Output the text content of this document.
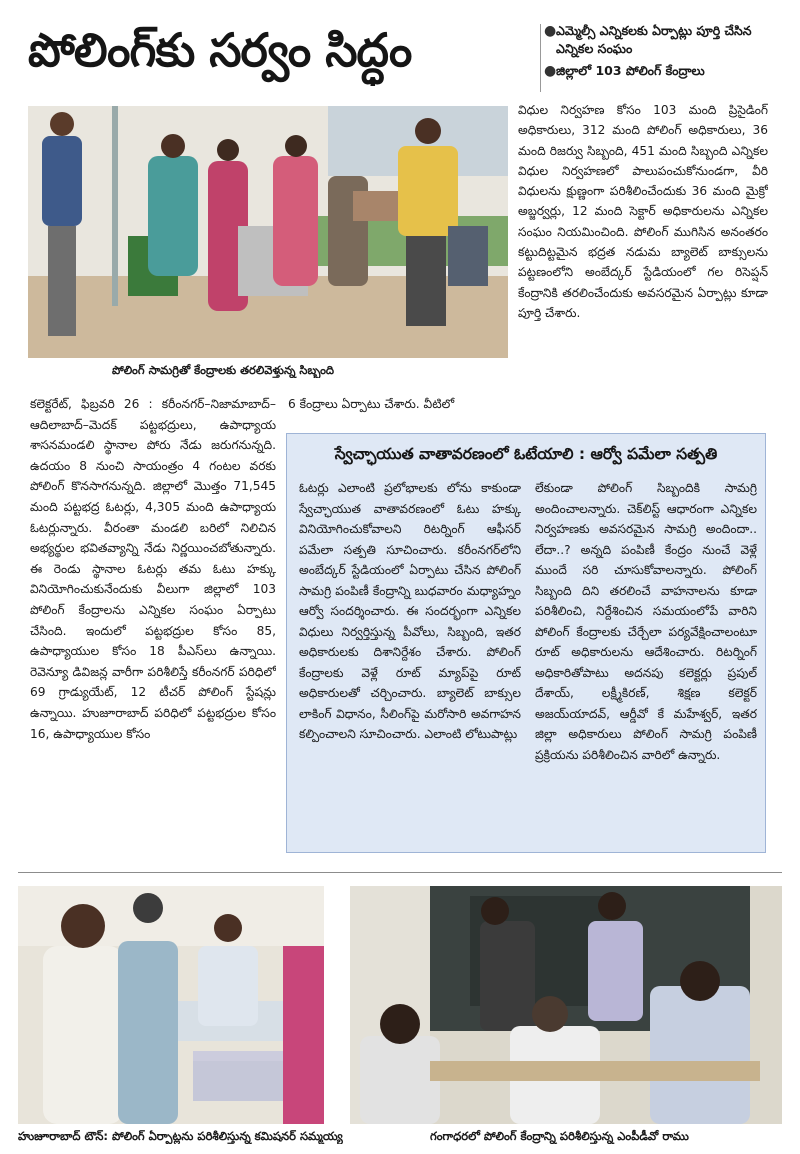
పోలింగ్‌కు సర్వం సిద్ధం	● ఎమ్మెల్సీ ఎన్నికలకు ఏర్పాట్లు పూర్తి చేసిన ఎన్నికల సంఘం
● జిల్లాలో 103 పోలింగ్ కేంద్రాలు
పోలింగ్ సామగ్రితో కేంద్రాలకు తరలివెళ్తున్న సిబ్బంది
విధుల నిర్వహణ కోసం 103 మంది ప్రిసైడింగ్ అధికారులు, 312 మంది పోలింగ్ అధికారులు, 36 మంది రిజర్వు సిబ్బంది, 451 మంది సిబ్బంది ఎన్నికల విధుల నిర్వహణలో పాలుపంచుకోనుండగా, వీరి విధులను క్షుణ్ణంగా పరిశీలించేందుకు 36 మంది మైక్రో అబ్జర్వర్లు, 12 మంది సెక్టార్ అధికారులను ఎన్నికల సంఘం నియమించింది. పోలింగ్ ముగిసిన అనంతరం కట్టుదిట్టమైన భద్రత నడుమ బ్యాలెట్ బాక్సులను పట్టణంలోని అంబేద్కర్ స్టేడియంలో గల రిసెప్షన్ కేంద్రానికి తరలించేందుకు అవసరమైన ఏర్పాట్లు కూడా పూర్తి చేశారు.
కలెక్టరేట్, ఫిబ్రవరి 26 : కరీంనగర్–నిజామాబాద్–ఆదిలాబాద్–మెదక్ పట్టభద్రులు, ఉపాధ్యాయ శాసనమండలి స్థానాల పోరు నేడు జరుగనున్నది. ఉదయం 8 నుంచి సాయంత్రం 4 గంటల వరకు పోలింగ్ కొనసాగనున్నది. జిల్లాలో మొత్తం 71,545 మంది పట్టభద్ర ఓటర్లు, 4,305 మంది ఉపాధ్యాయ ఓటర్లున్నారు. వీరంతా మండలి బరిలో నిలిచిన అభ్యర్థుల భవితవ్యాన్ని నేడు నిర్ణయించబోతున్నారు. ఈ రెండు స్థానాల ఓటర్లు తమ ఓటు హక్కు వినియోగించుకునేందుకు వీలుగా జిల్లాలో 103 పోలింగ్ కేంద్రాలను ఎన్నికల సంఘం ఏర్పాటు చేసింది. ఇందులో పట్టభద్రుల కోసం 85, ఉపాధ్యాయుల కోసం 18 పీఎస్‌లు ఉన్నాయి. రెవెన్యూ డివిజన్ల వారీగా పరిశీలిస్తే కరీంనగర్ పరిధిలో 69 గ్రాడ్యుయేట్, 12 టీచర్ పోలింగ్ స్టేషన్లు ఉన్నాయి. హుజూరాబాద్ పరిధిలో పట్టభద్రుల కోసం 16, ఉపాధ్యాయుల కోసం
6 కేంద్రాలు ఏర్పాటు చేశారు. వీటిలో
స్వేచ్ఛాయుత వాతావరణంలో ఓటేయాలి : ఆర్వో పమేలా సత్పతి
ఓటర్లు ఎలాంటి ప్రలోభాలకు లోను కాకుండా స్వేచ్ఛాయుత వాతావరణంలో ఓటు హక్కు వినియోగించుకోవాలని రిటర్నింగ్ ఆఫీసర్ పమేలా సత్పతి సూచించారు. కరీంనగర్‌లోని అంబేద్కర్ స్టేడియంలో ఏర్పాటు చేసిన పోలింగ్ సామగ్రి పంపిణీ కేంద్రాన్ని బుధవారం మధ్యాహ్నం ఆర్వో సందర్శించారు. ఈ సందర్భంగా ఎన్నికల విధులు నిర్వర్తిస్తున్న పీవోలు, సిబ్బంది, ఇతర అధికారులకు దిశానిర్దేశం చేశారు. పోలింగ్ కేంద్రాలకు వెళ్లే రూట్ మ్యాప్‌పై రూట్ అధికారులతో చర్చించారు. బ్యాలెట్ బాక్సుల లాకింగ్ విధానం, సీలింగ్‌పై మరోసారి అవగాహన కల్పించాలని సూచించారు. ఎలాంటి లోటుపాట్లు
లేకుండా పోలింగ్ సిబ్బందికి సామగ్రి అందించాలన్నారు. చెక్‌లిస్ట్ ఆధారంగా ఎన్నికల నిర్వహణకు అవసరమైన సామగ్రి అందిందా.. లేదా..? అన్నది పంపిణీ కేంద్రం నుంచే వెళ్లే ముందే సరి చూసుకోవాలన్నారు. పోలింగ్ సిబ్బంది దిని తరలించే వాహనాలను కూడా పరిశీలించి, నిర్దేశించిన సమయంలోపే వారిని పోలింగ్ కేంద్రాలకు చేర్చేలా పర్యవేక్షించాలంటూ రూట్ అధికారులను ఆదేశించారు. రిటర్నింగ్ అధికారితోపాటు అదనపు కలెక్టర్లు ప్రపుల్ దేశాయ్, లక్ష్మీకిరణ్, శిక్షణ కలెక్టర్ అజయ్‌యాదవ్, ఆర్డీవో కే మహేశ్వర్, ఇతర జిల్లా అధికారులు పోలింగ్ సామగ్రి పంపిణీ ప్రక్రియను పరిశీలించిన వారిలో ఉన్నారు.
హుజూరాబాద్ టౌన్: పోలింగ్ ఏర్పాట్లను పరిశీలిస్తున్న కమిషనర్ సమ్మయ్య	గంగాధరలో పోలింగ్ కేంద్రాన్ని పరిశీలిస్తున్న ఎంపీడీవో రాము
